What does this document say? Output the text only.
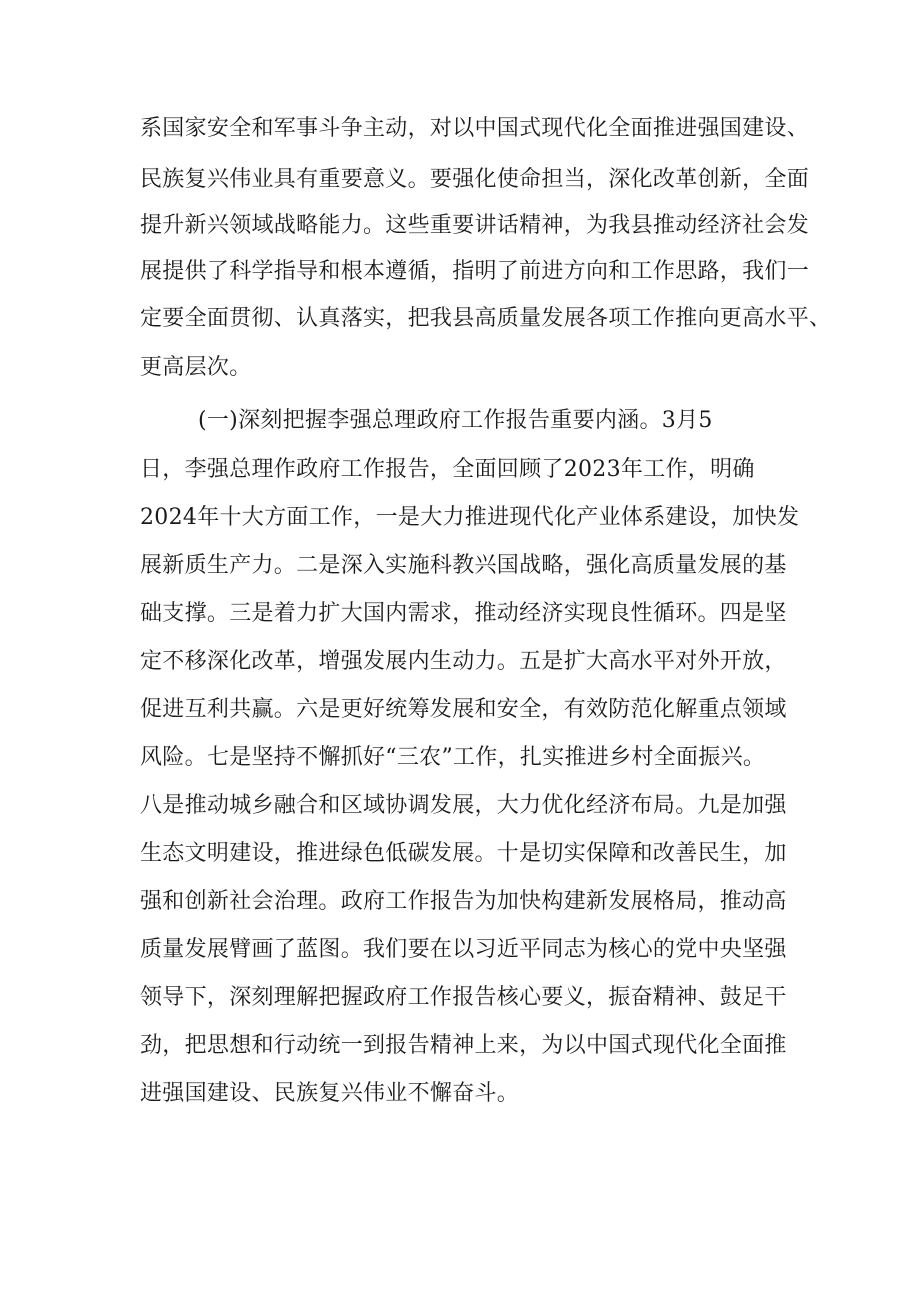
系国家安全和军事斗争主动，对以中国式现代化全面推进强国建设、

民族复兴伟业具有重要意义。要强化使命担当，深化改革创新，全面

提升新兴领域战略能力。这些重要讲话精神，为我县推动经济社会发

展提供了科学指导和根本遵循，指明了前进方向和工作思路，我们一

定要全面贯彻、认真落实，把我县高质量发展各项工作推向更高水平、

更高层次。

(一)深刻把握李强总理政府工作报告重要内涵。3月5

日，李强总理作政府工作报告，全面回顾了2023年工作，明确

2024年十大方面工作，一是大力推进现代化产业体系建设，加快发

展新质生产力。二是深入实施科教兴国战略，强化高质量发展的基

础支撑。三是着力扩大国内需求，推动经济实现良性循环。四是坚

定不移深化改革，增强发展内生动力。五是扩大高水平对外开放，

促进互利共赢。六是更好统筹发展和安全，有效防范化解重点领域

风险。七是坚持不懈抓好“三农”工作，扎实推进乡村全面振兴。

八是推动城乡融合和区域协调发展，大力优化经济布局。九是加强

生态文明建设，推进绿色低碳发展。十是切实保障和改善民生，加

强和创新社会治理。政府工作报告为加快构建新发展格局，推动高

质量发展臂画了蓝图。我们要在以习近平同志为核心的党中央坚强

领导下，深刻理解把握政府工作报告核心要义，振奋精神、鼓足干

劲，把思想和行动统一到报告精神上来，为以中国式现代化全面推

进强国建设、民族复兴伟业不懈奋斗。
